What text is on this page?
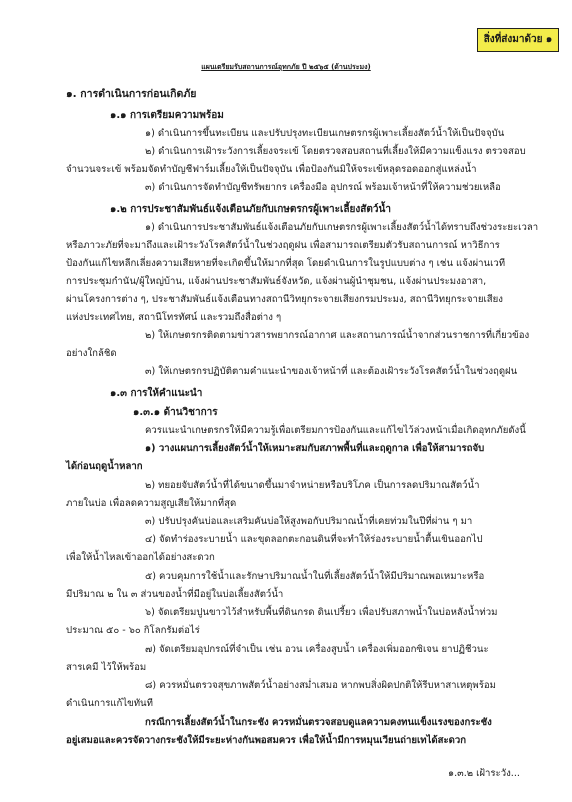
สิ่งที่ส่งมาด้วย ๑
แผนเตรียมรับสถานการณ์อุทกภัย ปี ๒๕๖๕ (ด้านประมง)
๑. การดำเนินการก่อนเกิดภัย
๑.๑ การเตรียมความพร้อม
๑) ดำเนินการขึ้นทะเบียน และปรับปรุงทะเบียนเกษตรกรผู้เพาะเลี้ยงสัตว์น้ำให้เป็นปัจจุบัน
๒) ดำเนินการเฝ้าระวังการเลี้ยงจระเข้ โดยตรวจสอบสถานที่เลี้ยงให้มีความแข็งแรง ตรวจสอบ
จำนวนจระเข้ พร้อมจัดทำบัญชีฟาร์มเลี้ยงให้เป็นปัจจุบัน เพื่อป้องกันมิให้จระเข้หลุดรอดออกสู่แหล่งน้ำ
๓) ดำเนินการจัดทำบัญชีทรัพยากร เครื่องมือ อุปกรณ์ พร้อมเจ้าหน้าที่ให้ความช่วยเหลือ
๑.๒ การประชาสัมพันธ์แจ้งเตือนภัยกับเกษตรกรผู้เพาะเลี้ยงสัตว์น้ำ
๑) ดำเนินการประชาสัมพันธ์แจ้งเตือนภัยกับเกษตรกรผู้เพาะเลี้ยงสัตว์น้ำได้ทราบถึงช่วงระยะเวลา
หรือภาวะภัยที่จะมาถึงและเฝ้าระวังโรคสัตว์น้ำในช่วงฤดูฝน เพื่อสามารถเตรียมตัวรับสถานการณ์ หาวิธีการ
ป้องกันแก้ไขหลีกเลี่ยงความเสียหายที่จะเกิดขึ้นให้มากที่สุด โดยดำเนินการในรูปแบบต่าง ๆ เช่น แจ้งผ่านเวที
การประชุมกำนัน/ผู้ใหญ่บ้าน, แจ้งผ่านประชาสัมพันธ์จังหวัด, แจ้งผ่านผู้นำชุมชน, แจ้งผ่านประมงอาสา,
ผ่านโครงการต่าง ๆ, ประชาสัมพันธ์แจ้งเตือนทางสถานีวิทยุกระจายเสียงกรมประมง, สถานีวิทยุกระจายเสียง
แห่งประเทศไทย, สถานีโทรทัศน์ และรวมถึงสื่อต่าง ๆ
๒) ให้เกษตรกรติดตามข่าวสารพยากรณ์อากาศ และสถานการณ์น้ำจากส่วนราชการที่เกี่ยวข้อง
อย่างใกล้ชิด
๓) ให้เกษตรกรปฏิบัติตามคำแนะนำของเจ้าหน้าที่ และต้องเฝ้าระวังโรคสัตว์น้ำในช่วงฤดูฝน
๑.๓ การให้คำแนะนำ
๑.๓.๑ ด้านวิชาการ
ควรแนะนำเกษตรกรให้มีความรู้เพื่อเตรียมการป้องกันและแก้ไขไว้ล่วงหน้าเมื่อเกิดอุทกภัยดังนี้
๑) วางแผนการเลี้ยงสัตว์น้ำให้เหมาะสมกับสภาพพื้นที่และฤดูกาล เพื่อให้สามารถจับ
ได้ก่อนฤดูน้ำหลาก
๒) ทยอยจับสัตว์น้ำที่ได้ขนาดขึ้นมาจำหน่ายหรือบริโภค เป็นการลดปริมาณสัตว์น้ำ
ภายในบ่อ เพื่อลดความสูญเสียให้มากที่สุด
๓) ปรับปรุงคันบ่อและเสริมคันบ่อให้สูงพอกับปริมาณน้ำที่เคยท่วมในปีที่ผ่าน ๆ มา
๔) จัดทำร่องระบายน้ำ และขุดลอกตะกอนดินที่จะทำให้ร่องระบายน้ำตื้นเขินออกไป
เพื่อให้น้ำไหลเข้าออกได้อย่างสะดวก
๕) ควบคุมการใช้น้ำและรักษาปริมาณน้ำในที่เลี้ยงสัตว์น้ำให้มีปริมาณพอเหมาะหรือ
มีปริมาณ ๒ ใน ๓ ส่วนของน้ำที่มีอยู่ในบ่อเลี้ยงสัตว์น้ำ
๖) จัดเตรียมปูนขาวไว้สำหรับพื้นที่ดินกรด ดินเปรี้ยว เพื่อปรับสภาพน้ำในบ่อหลังน้ำท่วม
ประมาณ ๕๐ - ๖๐ กิโลกรัมต่อไร่
๗) จัดเตรียมอุปกรณ์ที่จำเป็น เช่น อวน เครื่องสูบน้ำ เครื่องเพิ่มออกซิเจน ยาปฏิชีวนะ
สารเคมี ไว้ให้พร้อม
๘) ควรหมั่นตรวจสุขภาพสัตว์น้ำอย่างสม่ำเสมอ หากพบสิ่งผิดปกติให้รีบหาสาเหตุพร้อม
ดำเนินการแก้ไขทันที
กรณีการเลี้ยงสัตว์น้ำในกระชัง ควรหมั่นตรวจสอบดูแลความคงทนแข็งแรงของกระชัง
อยู่เสมอและควรจัดวางกระชังให้มีระยะห่างกันพอสมควร เพื่อให้น้ำมีการหมุนเวียนถ่ายเทได้สะดวก
๑.๓.๒ เฝ้าระวัง...
